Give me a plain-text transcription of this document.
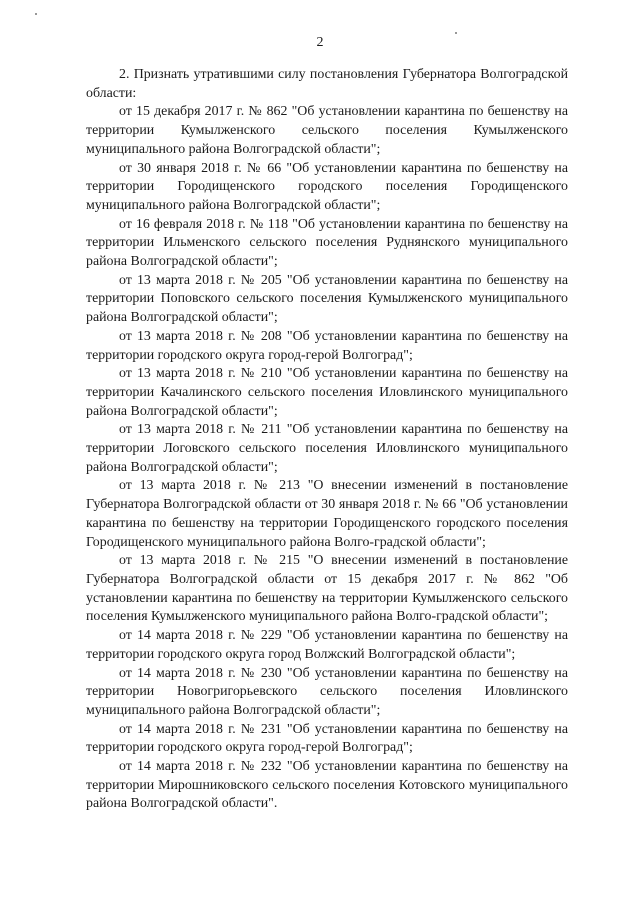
2

2. Признать утратившими силу постановления Губернатора Волгоградской области:

от 15 декабря 2017 г. № 862 "Об установлении карантина по бешенству на территории Кумылженского сельского поселения Кумылженского муниципального района Волгоградской области";

от 30 января 2018 г. № 66 "Об установлении карантина по бешенству на территории Городищенского городского поселения Городищенского муниципального района Волгоградской области";

от 16 февраля 2018 г. № 118 "Об установлении карантина по бешенству на территории Ильменского сельского поселения Руднянского муниципального района Волгоградской области";

от 13 марта 2018 г. № 205 "Об установлении карантина по бешенству на территории Поповского сельского поселения Кумылженского муниципального района Волгоградской области";

от 13 марта 2018 г. № 208 "Об установлении карантина по бешенству на территории городского округа город-герой Волгоград";

от 13 марта 2018 г. № 210 "Об установлении карантина по бешенству на территории Качалинского сельского поселения Иловлинского муниципального района Волгоградской области";

от 13 марта 2018 г. № 211 "Об установлении карантина по бешенству на территории Логовского сельского поселения Иловлинского муниципального района Волгоградской области";

от 13 марта 2018 г. № 213 "О внесении изменений в постановление Губернатора Волгоградской области от 30 января 2018 г. № 66 "Об установлении карантина по бешенству на территории Городищенского городского поселения Городищенского муниципального района Волго-градской области";

от 13 марта 2018 г. № 215 "О внесении изменений в постановление Губернатора Волгоградской области от 15 декабря 2017 г. № 862 "Об установлении карантина по бешенству на территории Кумылженского сельского поселения Кумылженского муниципального района Волго-градской области";

от 14 марта 2018 г. № 229 "Об установлении карантина по бешенству на территории городского округа город Волжский Волгоградской области";

от 14 марта 2018 г. № 230 "Об установлении карантина по бешенству на территории Новогригорьевского сельского поселения Иловлинского муниципального района Волгоградской области";

от 14 марта 2018 г. № 231 "Об установлении карантина по бешенству на территории городского округа город-герой Волгоград";

от 14 марта 2018 г. № 232 "Об установлении карантина по бешенству на территории Мирошниковского сельского поселения Котовского муниципального района Волгоградской области".
